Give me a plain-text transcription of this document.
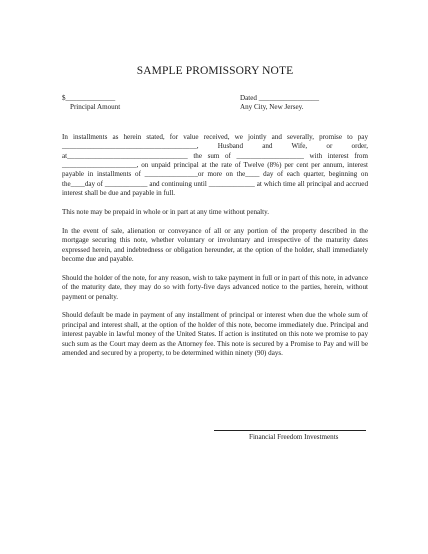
SAMPLE PROMISSORY NOTE
$______________
Principal Amount
Dated _________________
Any City, New Jersey.

In installments as herein stated, for value received, we jointly and severally, promise to pay ______________________________________, Husband and Wife, or order, at__________________________________ the sum of ___________________ with interest from _____________________, on unpaid principal at the rate of Twelve (8%) per cent per annum, interest payable in installments of _______________or more on the____ day of each quarter, beginning on the____day of ____________ and continuing until _____________ at which time all principal and accrued interest shall be due and payable in full.

This note may be prepaid in whole or in part at any time without penalty.

In the event of sale, alienation or conveyance of all or any portion of the property described in the mortgage securing this note, whether voluntary or involuntary and irrespective of the maturity dates expressed herein, and indebtedness or obligation hereunder, at the option of the holder, shall immediately become due and payable.

Should the holder of the note, for any reason, wish to take payment in full or in part of this note, in advance of the maturity date, they may do so with forty-five days advanced notice to the parties, herein, without payment or penalty.

Should default be made in payment of any installment of principal or interest when due the whole sum of principal and interest shall, at the option of the holder of this note, become immediately due. Principal and interest payable in lawful money of the United States. If action is instituted on this note we promise to pay such sum as the Court may deem as the Attorney fee. This note is secured by a Promise to Pay and will be amended and secured by a property, to be determined within ninety (90) days.

Financial Freedom Investments
